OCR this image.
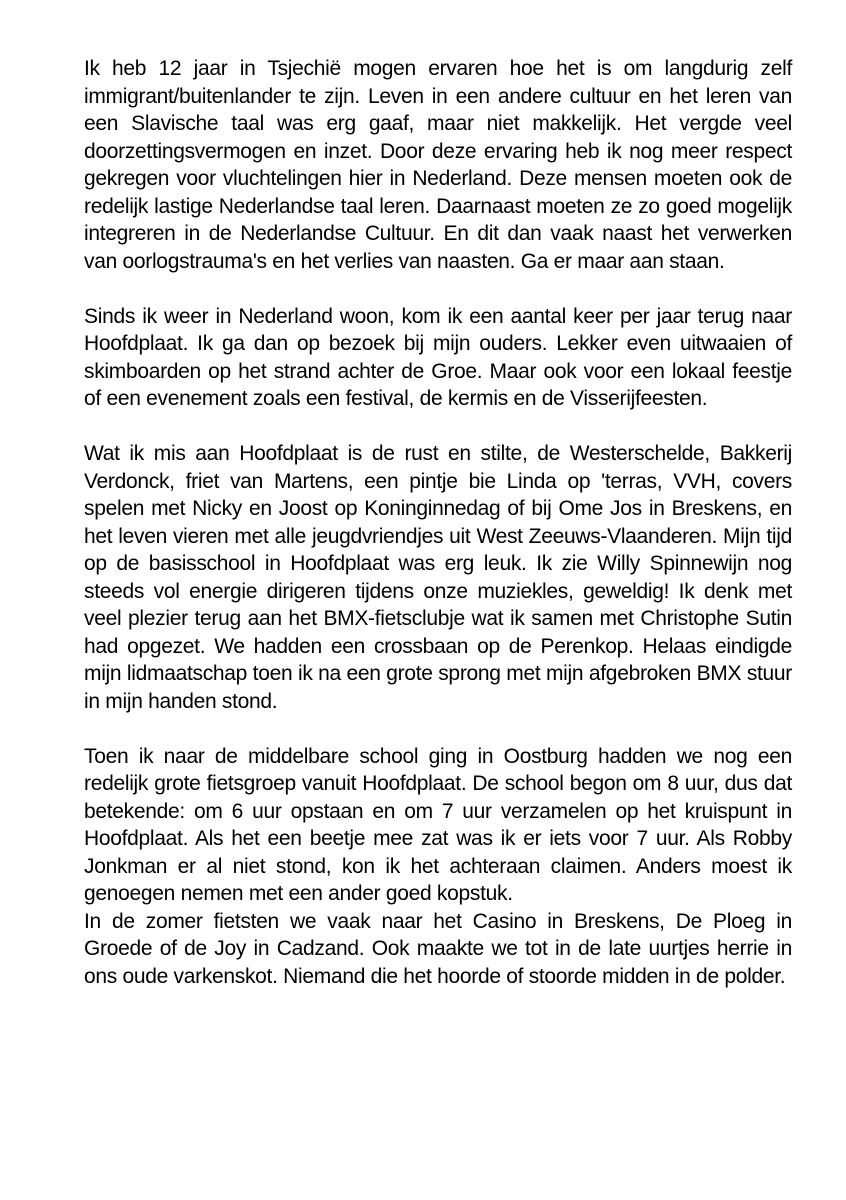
Ik heb 12 jaar in Tsjechië mogen ervaren hoe het is om langdurig zelf immigrant/buitenlander te zijn. Leven in een andere cultuur en het leren van een Slavische taal was erg gaaf, maar niet makkelijk. Het vergde veel doorzettingsvermogen en inzet. Door deze ervaring heb ik nog meer respect gekregen voor vluchtelingen hier in Nederland. Deze mensen moeten ook de redelijk lastige Nederlandse taal leren. Daarnaast moeten ze zo goed mogelijk integreren in de Nederlandse Cultuur. En dit dan vaak naast het verwerken van oorlogstrauma's en het verlies van naasten. Ga er maar aan staan.

Sinds ik weer in Nederland woon, kom ik een aantal keer per jaar terug naar Hoofdplaat. Ik ga dan op bezoek bij mijn ouders. Lekker even uitwaaien of skimboarden op het strand achter de Groe. Maar ook voor een lokaal feestje of een evenement zoals een festival, de kermis en de Visserijfeesten.

Wat ik mis aan Hoofdplaat is de rust en stilte, de Westerschelde, Bakkerij Verdonck, friet van Martens, een pintje bie Linda op 'terras, VVH, covers spelen met Nicky en Joost op Koninginnedag of bij Ome Jos in Breskens, en het leven vieren met alle jeugdvriendjes uit West Zeeuws-Vlaanderen. Mijn tijd op de basisschool in Hoofdplaat was erg leuk. Ik zie Willy Spinnewijn nog steeds vol energie dirigeren tijdens onze muziekles, geweldig! Ik denk met veel plezier terug aan het BMX-fietsclubje wat ik samen met Christophe Sutin had opgezet. We hadden een crossbaan op de Perenkop. Helaas eindigde mijn lidmaatschap toen ik na een grote sprong met mijn afgebroken BMX stuur in mijn handen stond.

Toen ik naar de middelbare school ging in Oostburg hadden we nog een redelijk grote fietsgroep vanuit Hoofdplaat. De school begon om 8 uur, dus dat betekende: om 6 uur opstaan en om 7 uur verzamelen op het kruispunt in Hoofdplaat. Als het een beetje mee zat was ik er iets voor 7 uur. Als Robby Jonkman er al niet stond, kon ik het achteraan claimen. Anders moest ik genoegen nemen met een ander goed kopstuk.

In de zomer fietsten we vaak naar het Casino in Breskens, De Ploeg in Groede of de Joy in Cadzand. Ook maakte we tot in de late uurtjes herrie in ons oude varkenskot. Niemand die het hoorde of stoorde midden in de polder.
